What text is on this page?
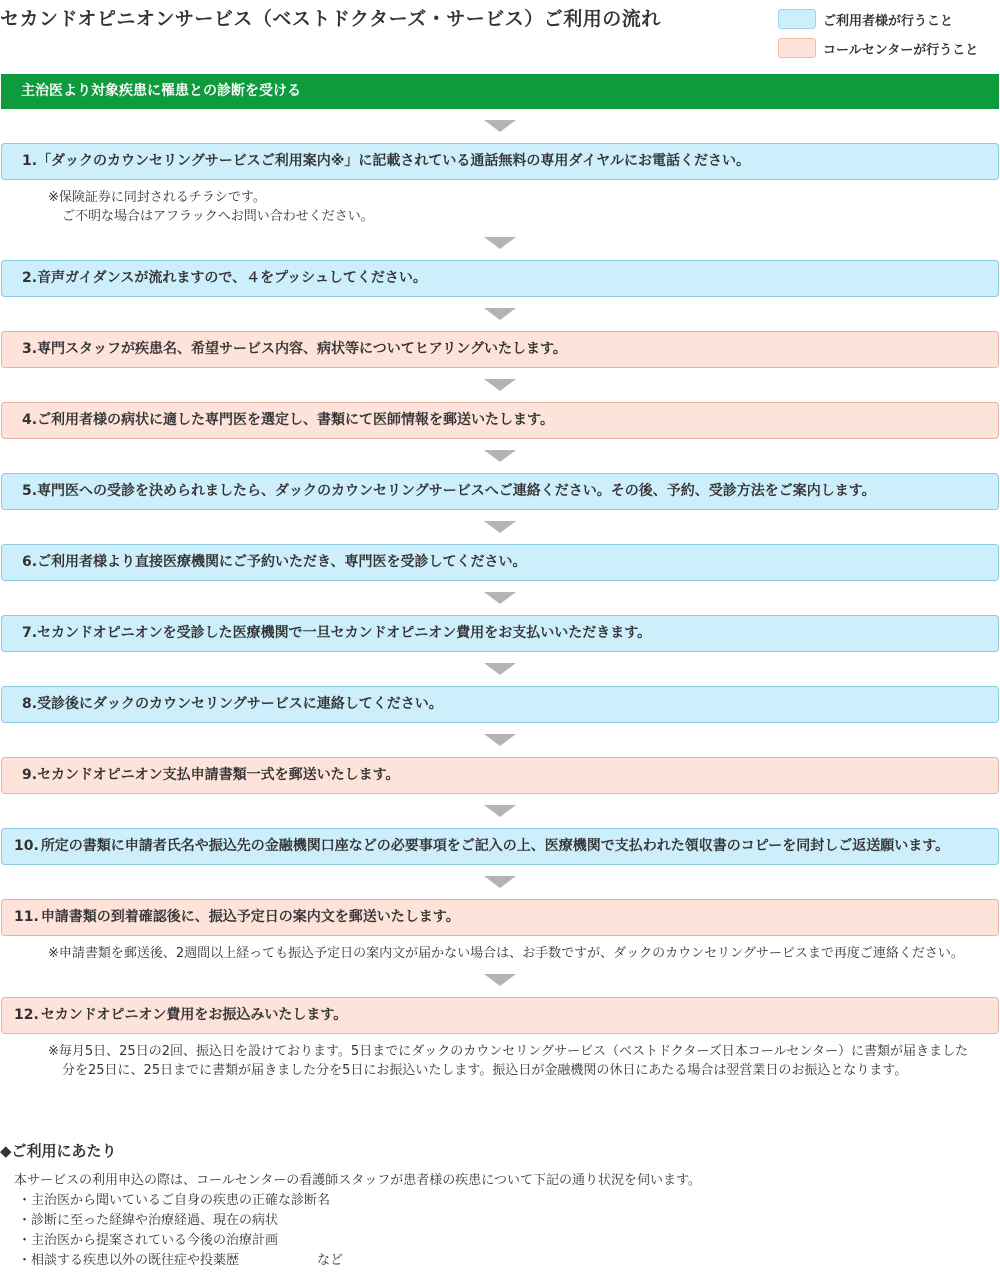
セカンドオピニオンサービス（ベストドクターズ・サービス）ご利用の流れ	ご利用者様が行うこと
コールセンターが行うこと
主治医より対象疾患に罹患との診断を受ける
1. 「ダックのカウンセリングサービスご利用案内※」に記載されている通話無料の専用ダイヤルにお電話ください。
※保険証券に同封されるチラシです。
ご不明な場合はアフラックへお問い合わせください。
2. 音声ガイダンスが流れますので、４をプッシュしてください。
3. 専門スタッフが疾患名、希望サービス内容、病状等についてヒアリングいたします。
4. ご利用者様の病状に適した専門医を選定し、書類にて医師情報を郵送いたします。
5. 専門医への受診を決められましたら、ダックのカウンセリングサービスへご連絡ください。その後、予約、受診方法をご案内します。
6. ご利用者様より直接医療機関にご予約いただき、専門医を受診してください。
7. セカンドオピニオンを受診した医療機関で一旦セカンドオピニオン費用をお支払いいただきます。
8. 受診後にダックのカウンセリングサービスに連絡してください。
9. セカンドオピニオン支払申請書類一式を郵送いたします。
10. 所定の書類に申請者氏名や振込先の金融機関口座などの必要事項をご記入の上、医療機関で支払われた領収書のコピーを同封しご返送願います。
11. 申請書類の到着確認後に、振込予定日の案内文を郵送いたします。
※申請書類を郵送後、2週間以上経っても振込予定日の案内文が届かない場合は、お手数ですが、ダックのカウンセリングサービスまで再度ご連絡ください。
12. セカンドオピニオン費用をお振込みいたします。
※毎月5日、25日の2回、振込日を設けております。5日までにダックのカウンセリングサービス（ベストドクターズ日本コールセンター）に書類が届きました分を25日に、25日までに書類が届きました分を5日にお振込いたします。振込日が金融機関の休日にあたる場合は翌営業日のお振込となります。
◆ご利用にあたり
本サービスの利用申込の際は、コールセンターの看護師スタッフが患者様の疾患について下記の通り状況を伺います。
・主治医から聞いているご自身の疾患の正確な診断名
・診断に至った経緯や治療経過、現在の病状
・主治医から提案されている今後の治療計画
・相談する疾患以外の既往症や投薬歴　　　　　　など
